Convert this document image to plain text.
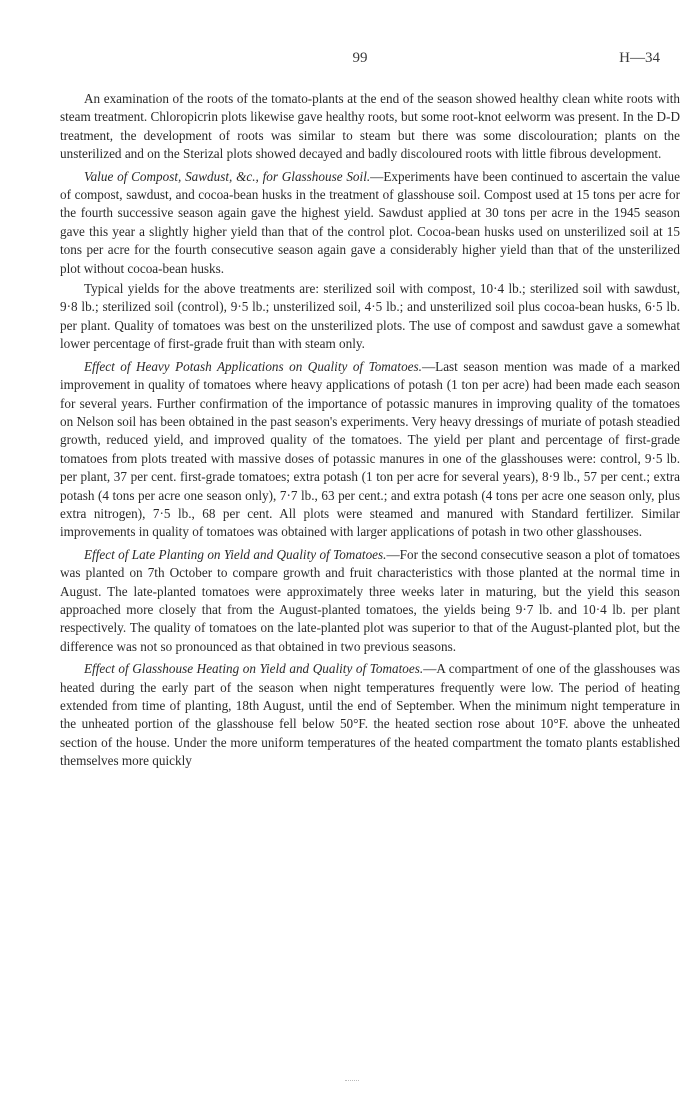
99	H—34

An examination of the roots of the tomato-plants at the end of the season showed healthy clean white roots with steam treatment. Chloropicrin plots likewise gave healthy roots, but some root-knot eelworm was present. In the D-D treatment, the development of roots was similar to steam but there was some discolouration; plants on the unsterilized and on the Sterizal plots showed decayed and badly discoloured roots with little fibrous development.

Value of Compost, Sawdust, &c., for Glasshouse Soil.—Experiments have been continued to ascertain the value of compost, sawdust, and cocoa-bean husks in the treatment of glasshouse soil. Compost used at 15 tons per acre for the fourth successive season again gave the highest yield. Sawdust applied at 30 tons per acre in the 1945 season gave this year a slightly higher yield than that of the control plot. Cocoa-bean husks used on unsterilized soil at 15 tons per acre for the fourth consecutive season again gave a considerably higher yield than that of the unsterilized plot without cocoa-bean husks.

Typical yields for the above treatments are: sterilized soil with compost, 10·4 lb.; sterilized soil with sawdust, 9·8 lb.; sterilized soil (control), 9·5 lb.; unsterilized soil, 4·5 lb.; and unsterilized soil plus cocoa-bean husks, 6·5 lb. per plant. Quality of tomatoes was best on the unsterilized plots. The use of compost and sawdust gave a somewhat lower percentage of first-grade fruit than with steam only.

Effect of Heavy Potash Applications on Quality of Tomatoes.—Last season mention was made of a marked improvement in quality of tomatoes where heavy applications of potash (1 ton per acre) had been made each season for several years. Further confirmation of the importance of potassic manures in improving quality of the tomatoes on Nelson soil has been obtained in the past season's experiments. Very heavy dressings of muriate of potash steadied growth, reduced yield, and improved quality of the tomatoes. The yield per plant and percentage of first-grade tomatoes from plots treated with massive doses of potassic manures in one of the glasshouses were: control, 9·5 lb. per plant, 37 per cent. first-grade tomatoes; extra potash (1 ton per acre for several years), 8·9 lb., 57 per cent.; extra potash (4 tons per acre one season only), 7·7 lb., 63 per cent.; and extra potash (4 tons per acre one season only, plus extra nitrogen), 7·5 lb., 68 per cent. All plots were steamed and manured with Standard fertilizer. Similar improvements in quality of tomatoes was obtained with larger applications of potash in two other glasshouses.

Effect of Late Planting on Yield and Quality of Tomatoes.—For the second consecutive season a plot of tomatoes was planted on 7th October to compare growth and fruit characteristics with those planted at the normal time in August. The late-planted tomatoes were approximately three weeks later in maturing, but the yield this season approached more closely that from the August-planted tomatoes, the yields being 9·7 lb. and 10·4 lb. per plant respectively. The quality of tomatoes on the late-planted plot was superior to that of the August-planted plot, but the difference was not so pronounced as that obtained in two previous seasons.

Effect of Glasshouse Heating on Yield and Quality of Tomatoes.—A compartment of one of the glasshouses was heated during the early part of the season when night temperatures frequently were low. The period of heating extended from time of planting, 18th August, until the end of September. When the minimum night temperature in the unheated portion of the glasshouse fell below 50°F. the heated section rose about 10°F. above the unheated section of the house. Under the more uniform temperatures of the heated compartment the tomato plants established themselves more quickly
